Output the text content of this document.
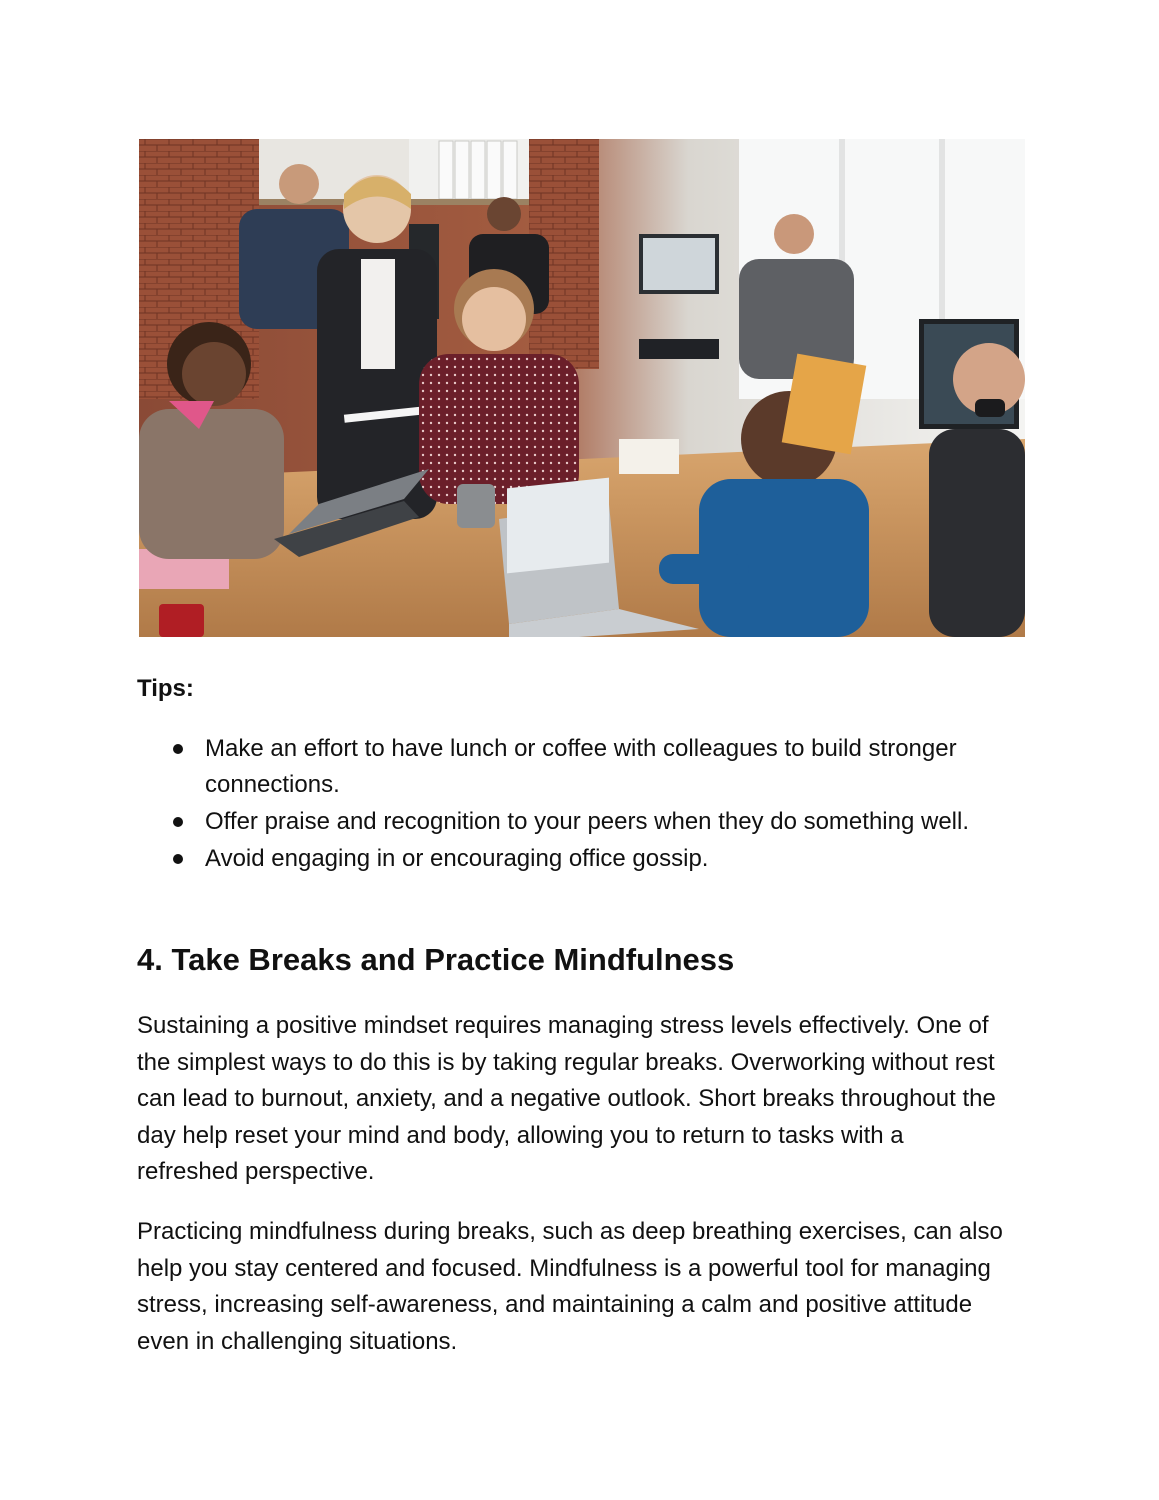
Tips:
Make an effort to have lunch or coffee with colleagues to build stronger connections.
Offer praise and recognition to your peers when they do something well.
Avoid engaging in or encouraging office gossip.
4. Take Breaks and Practice Mindfulness

Sustaining a positive mindset requires managing stress levels effectively. One of the simplest ways to do this is by taking regular breaks. Overworking without rest can lead to burnout, anxiety, and a negative outlook. Short breaks throughout the day help reset your mind and body, allowing you to return to tasks with a refreshed perspective.

Practicing mindfulness during breaks, such as deep breathing exercises, can also help you stay centered and focused. Mindfulness is a powerful tool for managing stress, increasing self-awareness, and maintaining a calm and positive attitude even in challenging situations.
